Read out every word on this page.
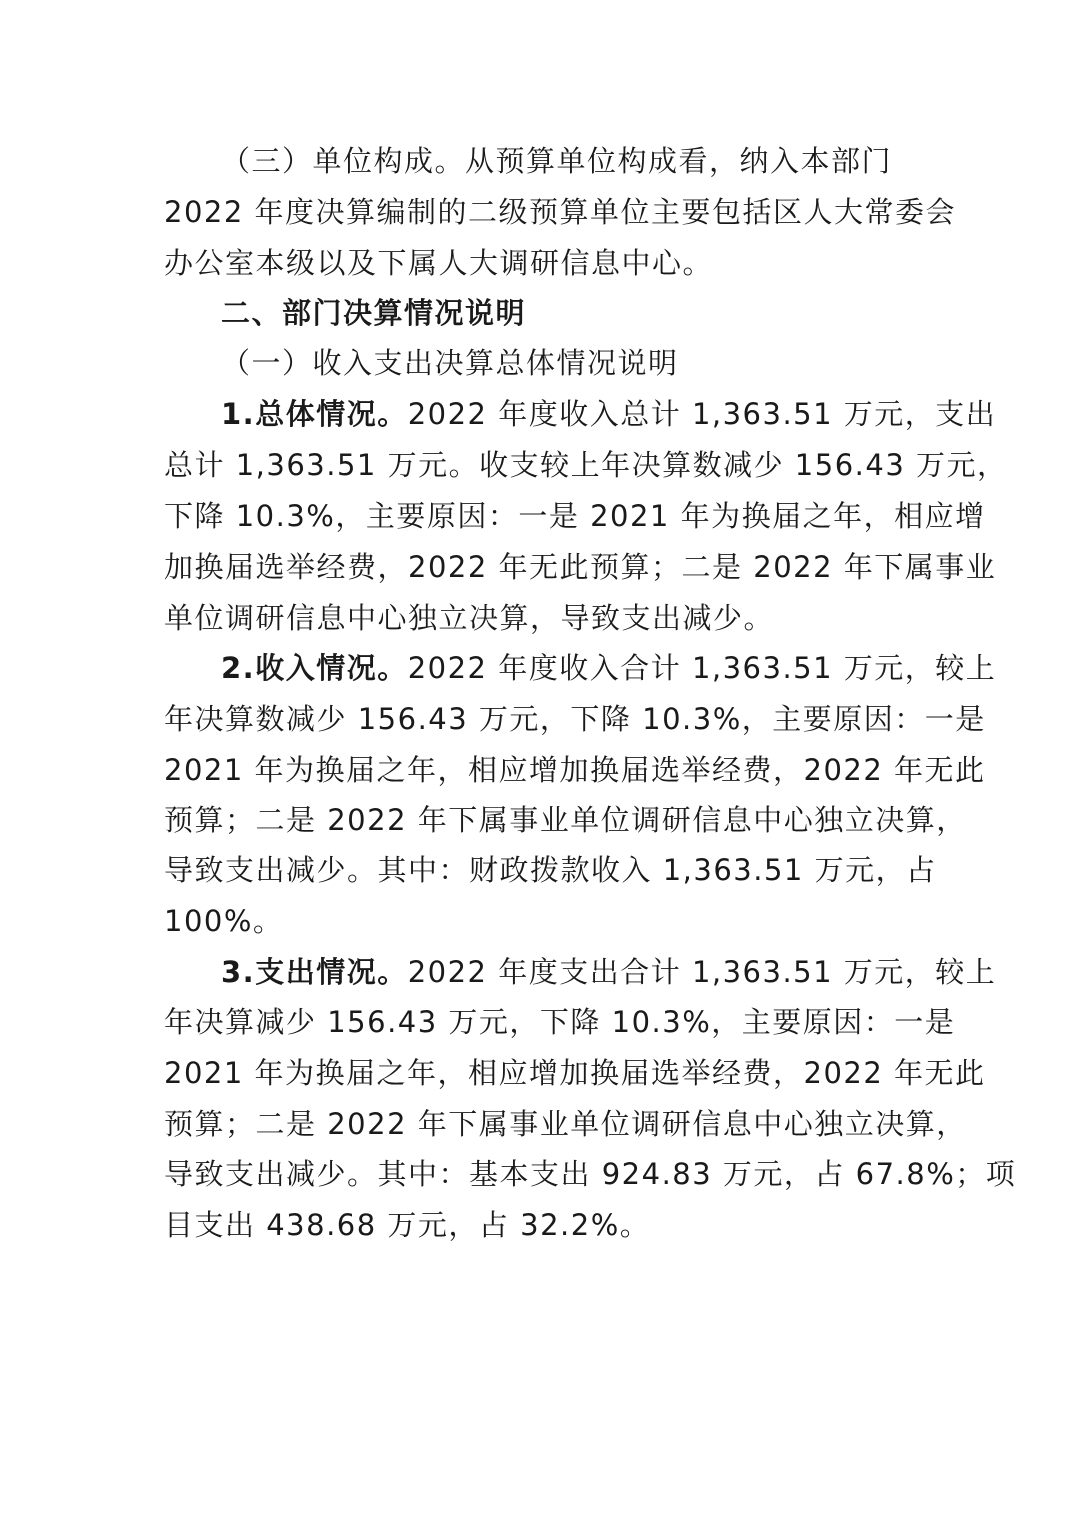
（三）单位构成。从预算单位构成看，纳入本部门
2022 年度决算编制的二级预算单位主要包括区人大常委会
办公室本级以及下属人大调研信息中心。
二、部门决算情况说明
（一）收入支出决算总体情况说明
1.总体情况。2022 年度收入总计 1,363.51 万元，支出
总计 1,363.51 万元。收支较上年决算数减少 156.43 万元，
下降 10.3%，主要原因：一是 2021 年为换届之年，相应增
加换届选举经费，2022 年无此预算；二是 2022 年下属事业
单位调研信息中心独立决算，导致支出减少。
2.收入情况。2022 年度收入合计 1,363.51 万元，较上
年决算数减少 156.43 万元，下降 10.3%，主要原因：一是
2021 年为换届之年，相应增加换届选举经费，2022 年无此
预算；二是 2022 年下属事业单位调研信息中心独立决算，
导致支出减少。其中：财政拨款收入 1,363.51 万元，占
100%。
3.支出情况。2022 年度支出合计 1,363.51 万元，较上
年决算减少 156.43 万元，下降 10.3%，主要原因：一是
2021 年为换届之年，相应增加换届选举经费，2022 年无此
预算；二是 2022 年下属事业单位调研信息中心独立决算，
导致支出减少。其中：基本支出 924.83 万元，占 67.8%；项
目支出 438.68 万元，占 32.2%。
